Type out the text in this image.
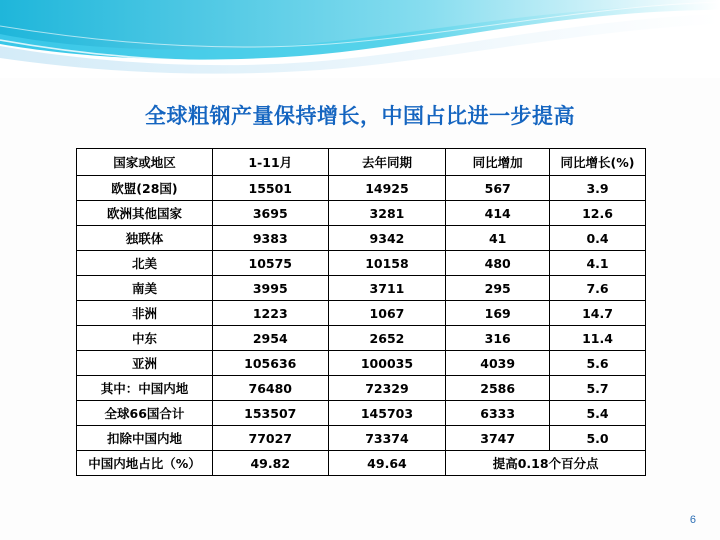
全球粗钢产量保持增长，中国占比进一步提高
国家或地区	1-11月	去年同期	同比增加	同比增长(%)
欧盟(28国)	15501	14925	567	3.9
欧洲其他国家	3695	3281	414	12.6
独联体	9383	9342	41	0.4
北美	10575	10158	480	4.1
南美	3995	3711	295	7.6
非洲	1223	1067	169	14.7
中东	2954	2652	316	11.4
亚洲	105636	100035	4039	5.6
其中：中国内地	76480	72329	2586	5.7
全球66国合计	153507	145703	6333	5.4
扣除中国内地	77027	73374	3747	5.0
中国内地占比（%）	49.82	49.64	提高0.18个百分点	
6
